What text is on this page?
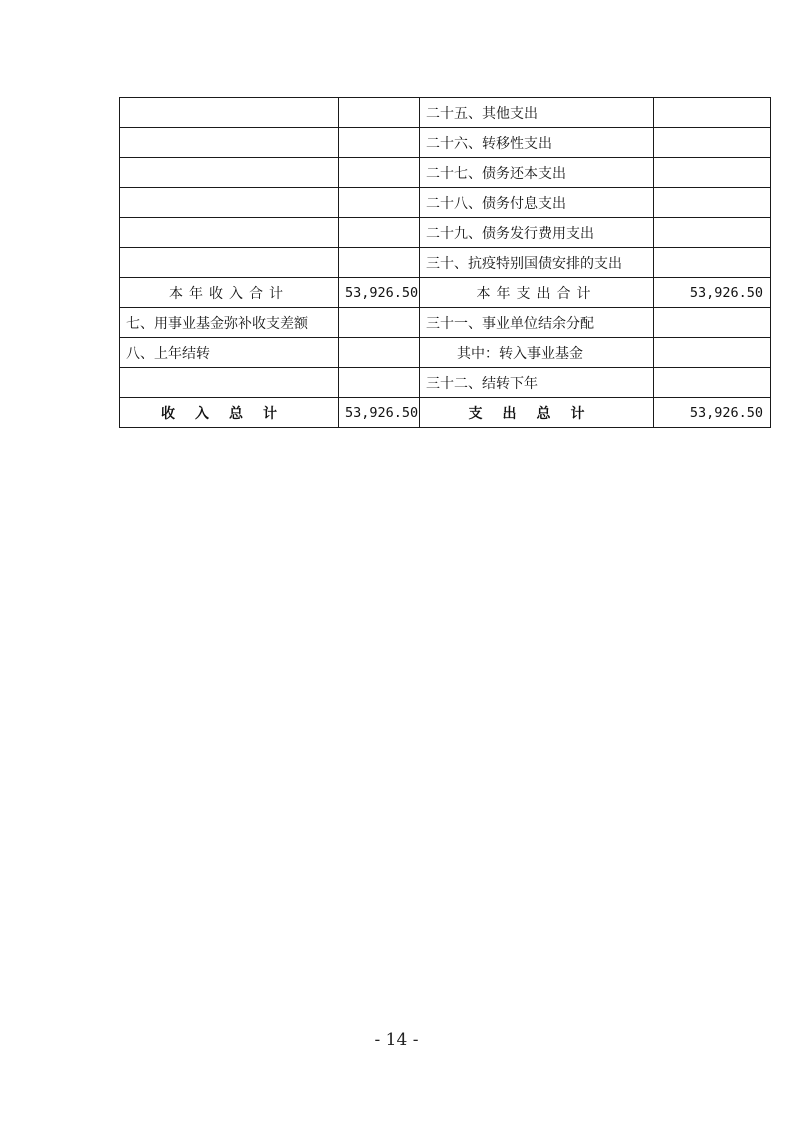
		二十五、其他支出	
		二十六、转移性支出	
		二十七、债务还本支出	
		二十八、债务付息支出	
		二十九、债务发行费用支出	
		三十、抗疫特别国债安排的支出	
本年收入合计	53,926.50	本年支出合计	53,926.50
七、用事业基金弥补收支差额		三十一、事业单位结余分配	
八、上年结转		其中：转入事业基金	
		三十二、结转下年	
收入总计	53,926.50	支出总计	53,926.50
- 14 -
